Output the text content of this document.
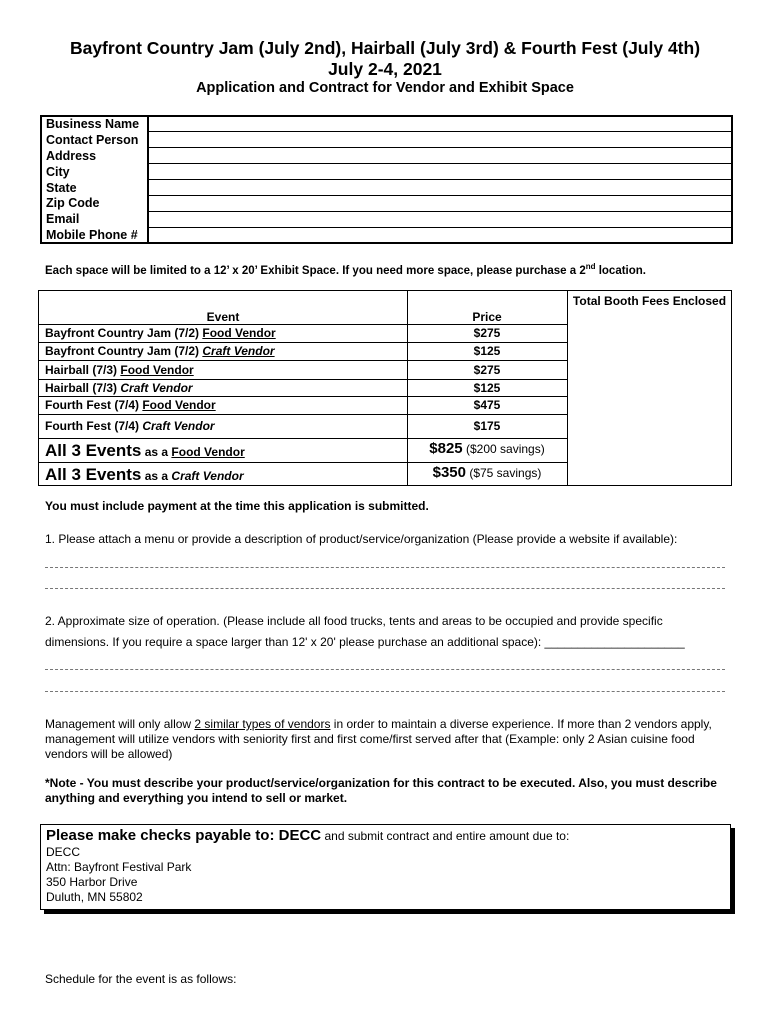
Bayfront Country Jam (July 2nd), Hairball (July 3rd) & Fourth Fest (July 4th)
July 2-4, 2021
Application and Contract for Vendor and Exhibit Space
Business Name	
Contact Person	
Address	
City	
State	
Zip Code	
Email	
Mobile Phone #	
Each space will be limited to a 12’ x 20’ Exhibit Space. If you need more space, please purchase a 2nd location.
Event	Price
Total Booth Fees Enclosed
Bayfront Country Jam (7/2) Food Vendor	$275
Bayfront Country Jam (7/2) Craft Vendor	$125
Hairball (7/3) Food Vendor	$275
Hairball (7/3) Craft Vendor	$125
Fourth Fest (7/4) Food Vendor	$475
Fourth Fest (7/4) Craft Vendor	$175
All 3 Events as a Food Vendor	$825 ($200 savings)
All 3 Events as a Craft Vendor	$350 ($75 savings)
You must include payment at the time this application is submitted.
1. Please attach a menu or provide a description of product/service/organization (Please provide a website if available):
2. Approximate size of operation. (Please include all food trucks, tents and areas to be occupied and provide specific
dimensions. If you require a space larger than 12' x 20' please purchase an additional space): _____________________
Management will only allow 2 similar types of vendors in order to maintain a diverse experience. If more than 2 vendors apply, management will utilize vendors with seniority first and first come/first served after that (Example: only 2 Asian cuisine food vendors will be allowed)
*Note - You must describe your product/service/organization for this contract to be executed. Also, you must describe anything and everything you intend to sell or market.
Please make checks payable to: DECC and submit contract and entire amount due to:
DECC
Attn: Bayfront Festival Park
350 Harbor Drive
Duluth, MN 55802
Schedule for the event is as follows:
